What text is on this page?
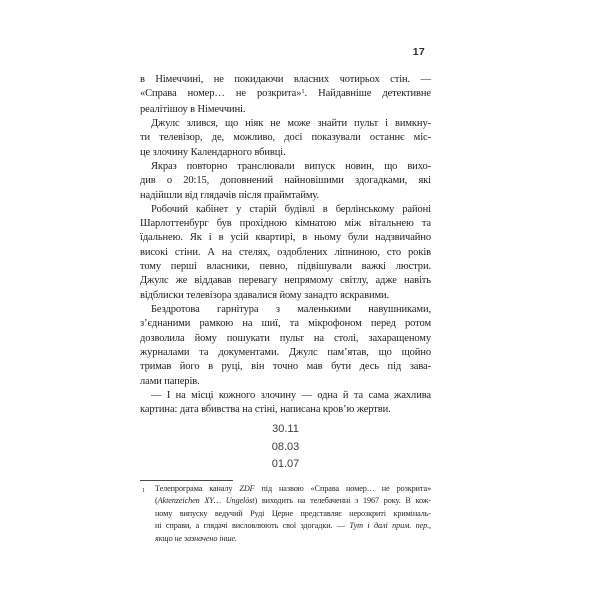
17

в Німеччині, не покидаючи власних чотирьох стін. —
«Справа номер… не розкрита»$^1$. Найдавніше детективне
реалітішоу в Німеччині.

Джулс злився, що ніяк не може знайти пульт і вимкну-
ти телевізор, де, можливо, досі показували останнє міс-
це злочину Календарного вбивці.

Якраз повторно транслювали випуск новин, що вихо-
див о 20:15, доповнений найновішими здогадками, які
надійшли від глядачів після праймтайму.

Робочий кабінет у старій будівлі в берлінському районі
Шарлоттенбург був прохідною кімнатою між вітальнею та
їдальнею. Як і в усій квартирі, в ньому були надзвичайно
високі стіни. А на стелях, оздоблених ліпниною, сто років
тому перші власники, певно, підвішували важкі люстри.
Джулс же віддавав перевагу непрямому світлу, адже навіть
відблиски телевізора здавалися йому занадто яскравими.

Бездротова гарнітура з маленькими навушниками,
з’єднаними рамкою на шиї, та мікрофоном перед ротом
дозволила йому пошукати пульт на столі, захаращеному
журналами та документами. Джулс пам’ятав, що щойно
тримав його в руці, він точно мав бути десь під зава-
лами паперів.

— І на місці кожного злочину — одна й та сама жахлива
картина: дата вбивства на стіні, написана кров’ю жертви.

30.11
08.03
01.07
1 Телепрограма каналу ZDF під назвою «Справа номер… не розкрита»
(Aktenzeichen XY… Ungelöst) виходить на телебаченні з 1967 року. В кож-
ному випуску ведучий Руді Церне представляє нерозкриті криміналь-
ні справи, а глядачі висловлюють свої здогадки. — Тут і далі прим. пер.,
якщо не зазначено інше.
